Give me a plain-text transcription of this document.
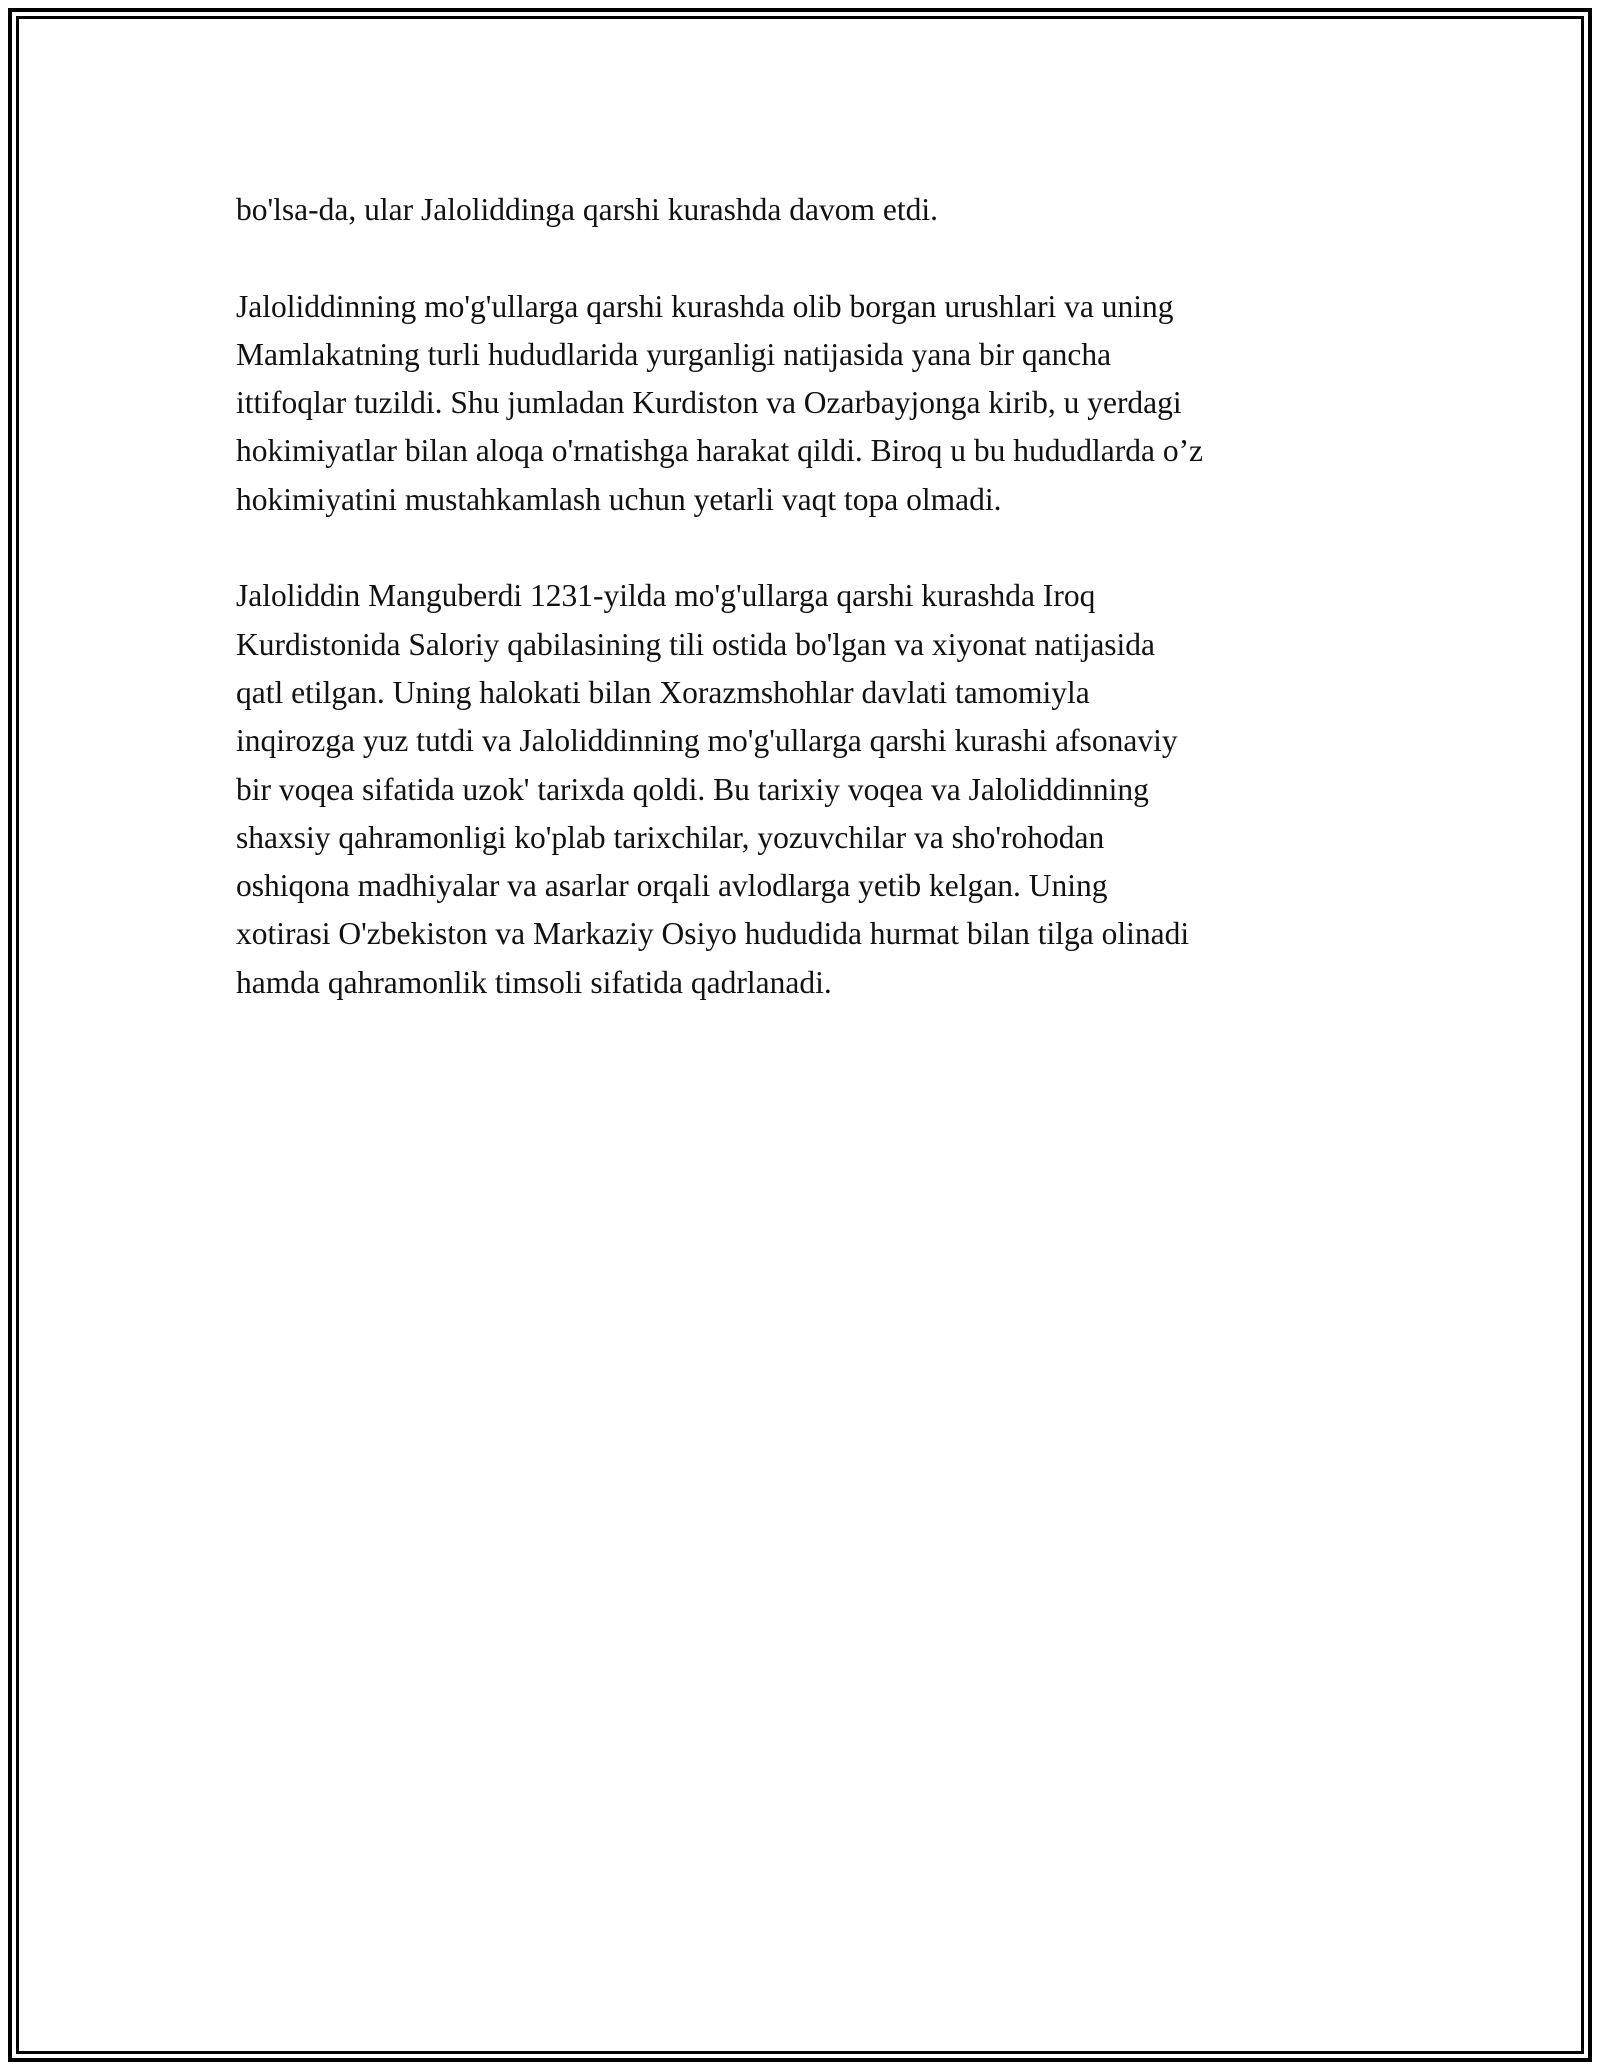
bo'lsa-da, ular Jaloliddinga qarshi kurashda davom etdi.

Jaloliddinning mo'g'ullarga qarshi kurashda olib borgan urushlari va uning
Mamlakatning turli hududlarida yurganligi natijasida yana bir qancha
ittifoqlar tuzildi. Shu jumladan Kurdiston va Ozarbayjonga kirib, u yerdagi
hokimiyatlar bilan aloqa o'rnatishga harakat qildi. Biroq u bu hududlarda o’z
hokimiyatini mustahkamlash uchun yetarli vaqt topa olmadi.

Jaloliddin Manguberdi 1231-yilda mo'g'ullarga qarshi kurashda Iroq
Kurdistonida Saloriy qabilasining tili ostida bo'lgan va xiyonat natijasida
qatl etilgan. Uning halokati bilan Xorazmshohlar davlati tamomiyla
inqirozga yuz tutdi va Jaloliddinning mo'g'ullarga qarshi kurashi afsonaviy
bir voqea sifatida uzok' tarixda qoldi. Bu tarixiy voqea va Jaloliddinning
shaxsiy qahramonligi ko'plab tarixchilar, yozuvchilar va sho'rohodan
oshiqona madhiyalar va asarlar orqali avlodlarga yetib kelgan. Uning
xotirasi O'zbekiston va Markaziy Osiyo hududida hurmat bilan tilga olinadi
hamda qahramonlik timsoli sifatida qadrlanadi.
